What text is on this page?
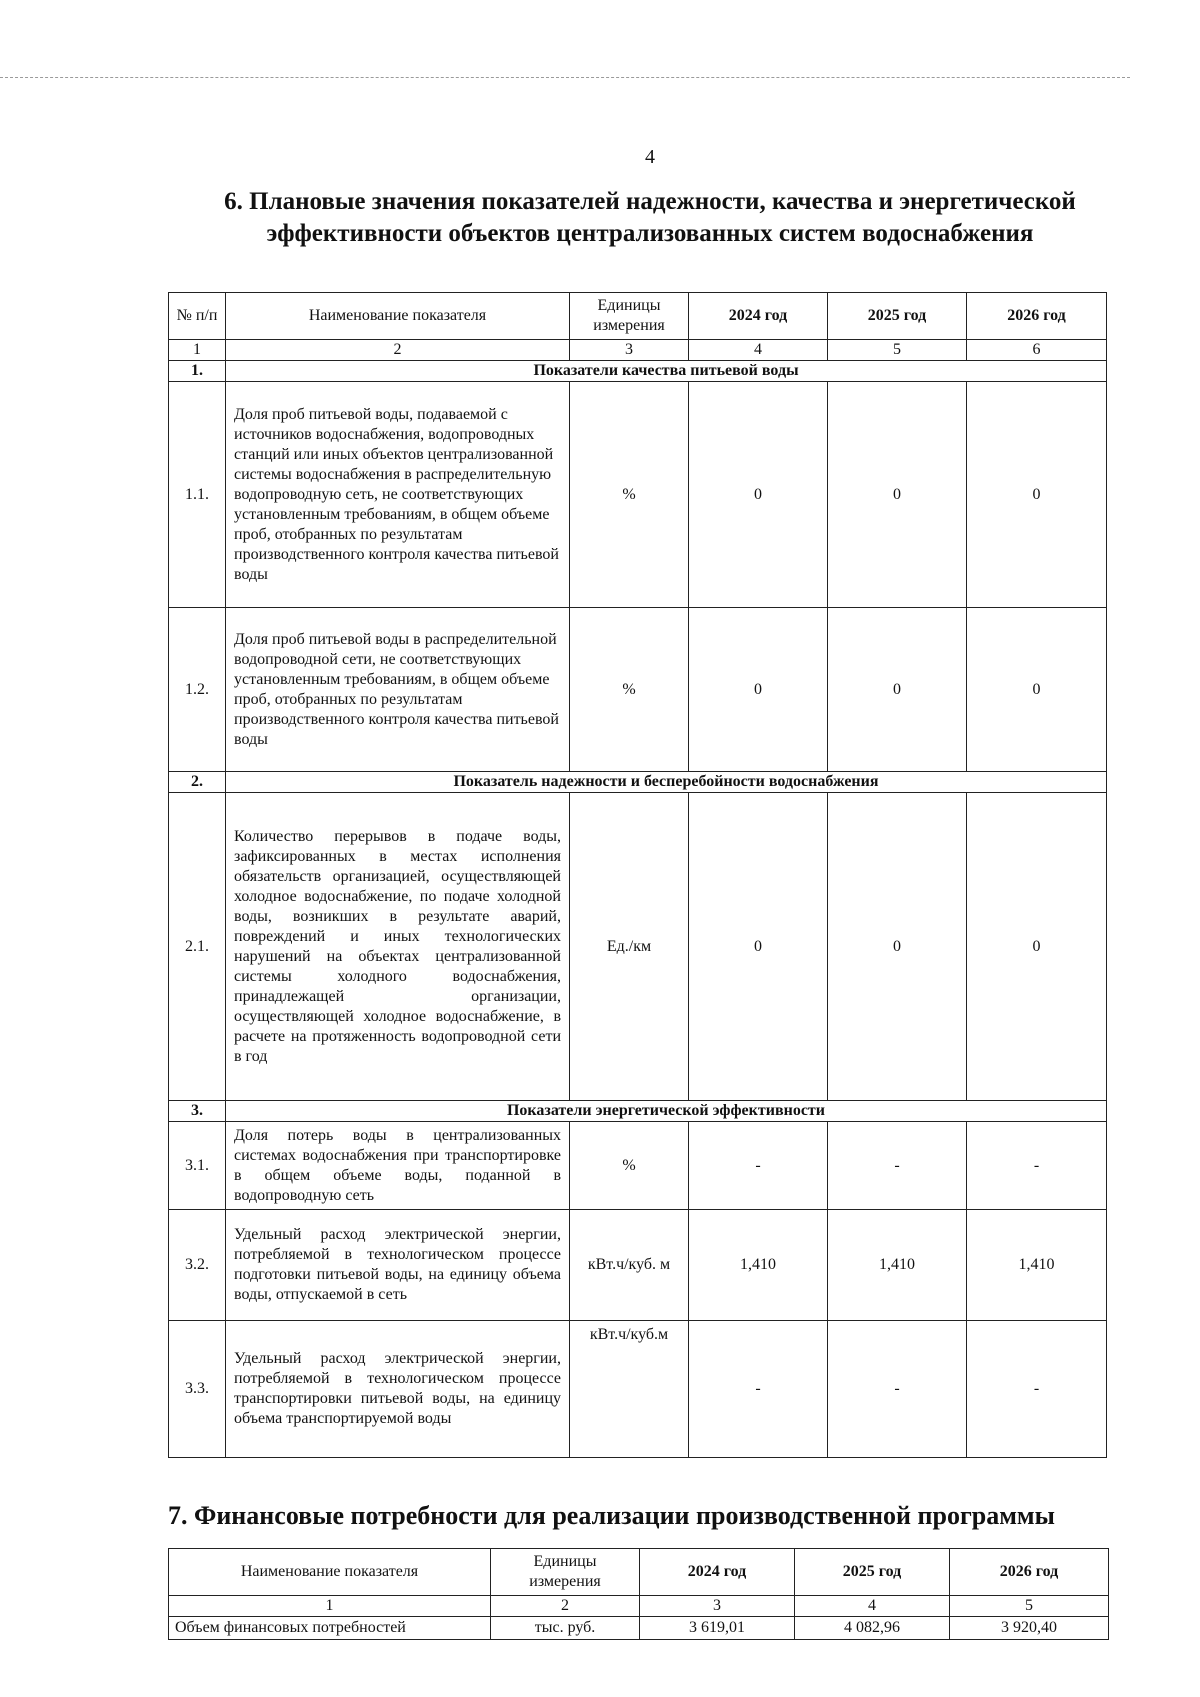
4
6. Плановые значения показателей надежности, качества и энергетической эффективности объектов централизованных систем водоснабжения
№ п/п	Наименование показателя	Единицы измерения	2024 год	2025 год	2026 год
1	2	3	4	5	6
1.	Показатели качества питьевой воды				
1.1.	Доля проб питьевой воды, подаваемой с источников водоснабжения, водопроводных станций или иных объектов централизованной системы водоснабжения в распределительную водопроводную сеть, не соответствующих установленным требованиям, в общем объеме проб, отобранных по результатам производственного контроля качества питьевой воды	%	0	0	0
1.2.	Доля проб питьевой воды в распределительной водопроводной сети, не соответствующих установленным требованиям, в общем объеме проб, отобранных по результатам производственного контроля качества питьевой воды	%	0	0	0
2.	Показатель надежности и бесперебойности водоснабжения				
2.1.	Количество перерывов в подаче воды, зафиксированных в местах исполнения обязательств организацией, осуществляющей холодное водоснабжение, по подаче холодной воды, возникших в результате аварий, повреждений и иных технологических нарушений на объектах централизованной системы холодного водоснабжения, принадлежащей организации, осуществляющей холодное водоснабжение, в расчете на протяженность водопроводной сети в год	Ед./км	0	0	0
3.	Показатели энергетической эффективности				
3.1.	Доля потерь воды в централизованных системах водоснабжения при транспортировке в общем объеме воды, поданной в водопроводную сеть	%	-	-	-
3.2.	Удельный расход электрической энергии, потребляемой в технологическом процессе подготовки питьевой воды, на единицу объема воды, отпускаемой в сеть	кВт.ч/куб. м	1,410	1,410	1,410
3.3.	Удельный расход электрической энергии, потребляемой в технологическом процессе транспортировки питьевой воды, на единицу объема транспортируемой воды	кВт.ч/куб.м	-	-	-
7. Финансовые потребности для реализации производственной программы
Наименование показателя	Единицы измерения	2024 год	2025 год	2026 год
1	2	3	4	5
Объем финансовых потребностей	тыс. руб.	3 619,01	4 082,96	3 920,40
